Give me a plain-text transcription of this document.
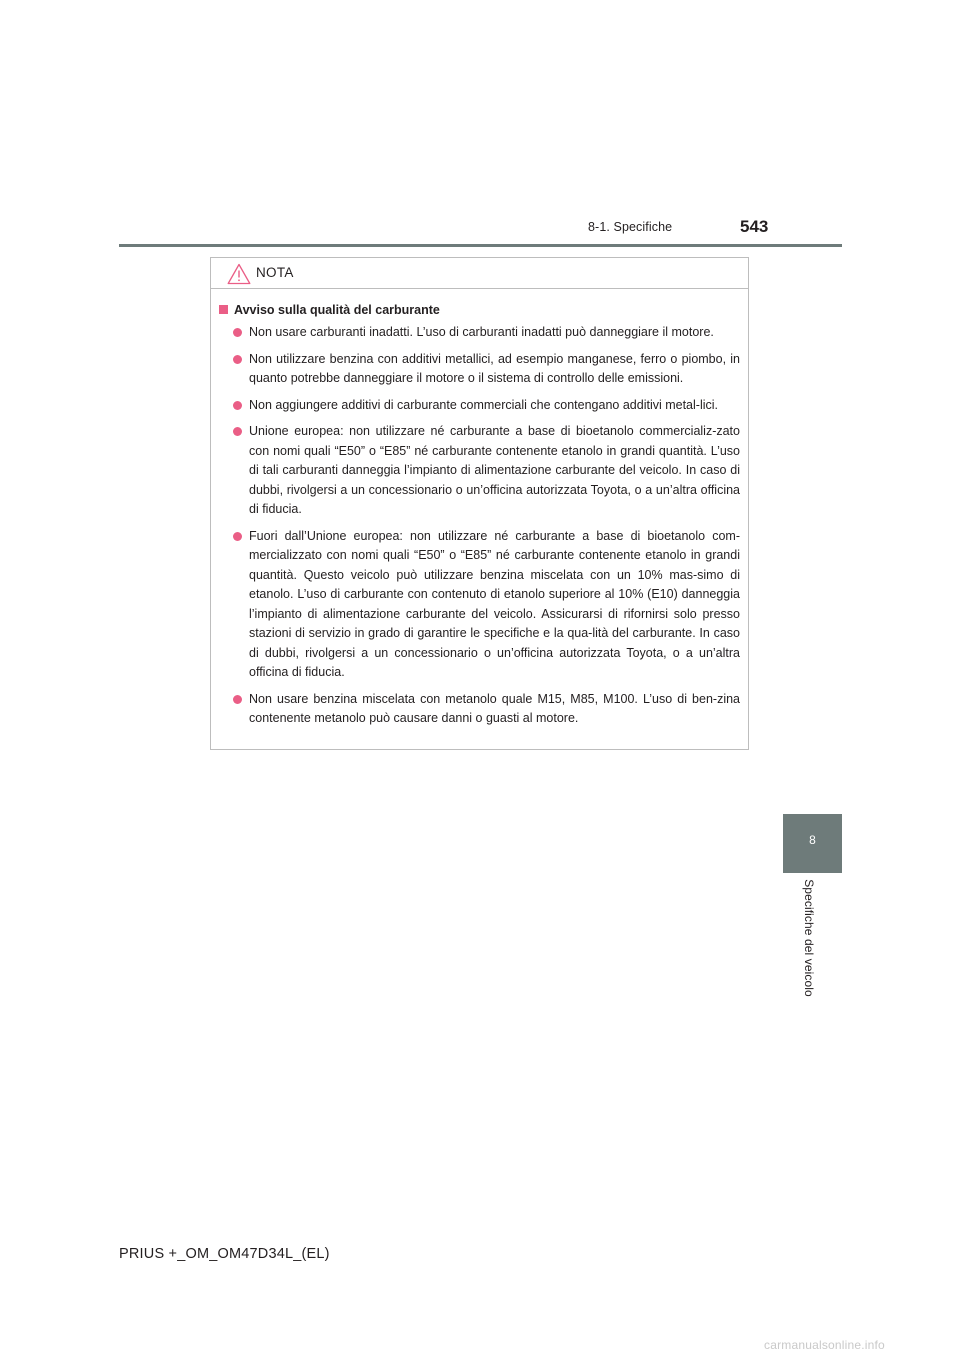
8-1. Specifiche	543
8
Specifiche del veicolo
NOTA
Avviso sulla qualità del carburante
Non usare carburanti inadatti. L’uso di carburanti inadatti può danneggiare il motore.
Non utilizzare benzina con additivi metallici, ad esempio manganese, ferro o piombo, in quanto potrebbe danneggiare il motore o il sistema di controllo delle emissioni.
Non aggiungere additivi di carburante commerciali che contengano additivi metal-lici.
Unione europea: non utilizzare né carburante a base di bioetanolo commercializ-zato con nomi quali “E50” o “E85” né carburante contenente etanolo in grandi quantità. L’uso di tali carburanti danneggia l’impianto di alimentazione carburante del veicolo. In caso di dubbi, rivolgersi a un concessionario o un’officina autorizzata Toyota, o a un’altra officina di fiducia.
Fuori dall’Unione europea: non utilizzare né carburante a base di bioetanolo com-mercializzato con nomi quali “E50” o “E85” né carburante contenente etanolo in grandi quantità. Questo veicolo può utilizzare benzina miscelata con un 10% mas-simo di etanolo. L’uso di carburante con contenuto di etanolo superiore al 10% (E10) danneggia l’impianto di alimentazione carburante del veicolo. Assicurarsi di rifornirsi solo presso stazioni di servizio in grado di garantire le specifiche e la qua-lità del carburante. In caso di dubbi, rivolgersi a un concessionario o un’officina autorizzata Toyota, o a un’altra officina di fiducia.
Non usare benzina miscelata con metanolo quale M15, M85, M100. L’uso di ben-zina contenente metanolo può causare danni o guasti al motore.
PRIUS +_OM_OM47D34L_(EL)
carmanualsonline.info
